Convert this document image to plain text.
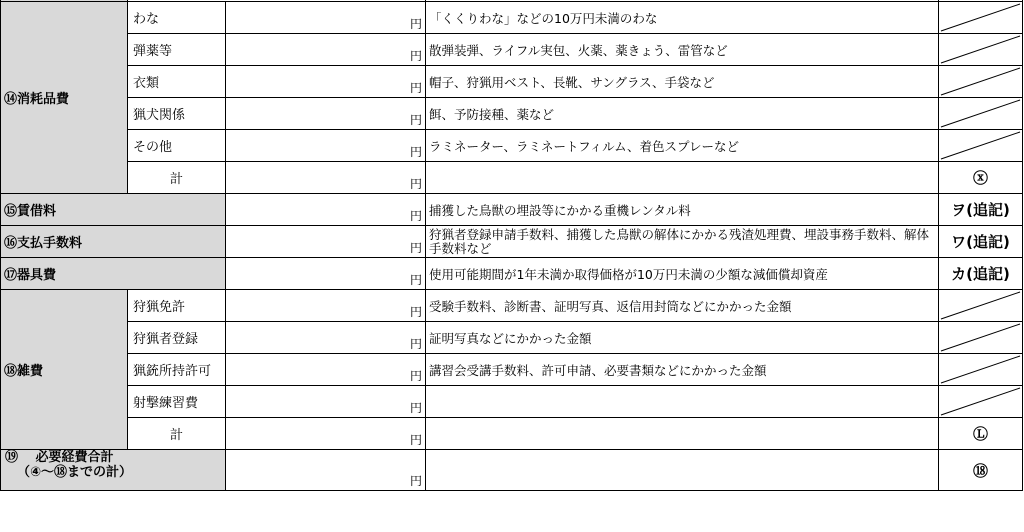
⑭消耗品費	わな	円	「くくりわな」などの10万円未満のわな	

	弾薬等	円	散弾装弾、ライフル実包、火薬、薬きょう、雷管など	

	衣類	円	帽子、狩猟用ベスト、長靴、サングラス、手袋など	

	猟犬関係	円	餌、予防接種、薬など	

	その他	円	ラミネーター、ラミネートフィルム、着色スプレーなど	

	計	円		ⓧ
⑮賃借料		円	捕獲した鳥獣の埋設等にかかる重機レンタル料	ヲ(追記)
⑯支払手数料		円	狩猟者登録申請手数料、捕獲した鳥獣の解体にかかる残渣処理費、埋設事務手数料、解体手数料など	ワ(追記)
⑰器具費		円	使用可能期間が1年未満か取得価格が10万円未満の少額な減価償却資産	カ(追記)
⑱雑費	狩猟免許	円	受験手数料、診断書、証明写真、返信用封筒などにかかった金額	

	狩猟者登録	円	証明写真などにかかった金額	

	猟銃所持許可	円	講習会受講手数料、許可申請、必要書類などにかかった金額	

	射撃練習費	円

	計	円		Ⓛ

⑲　 必要経費合計
（④～⑱までの計）		円		⑱
